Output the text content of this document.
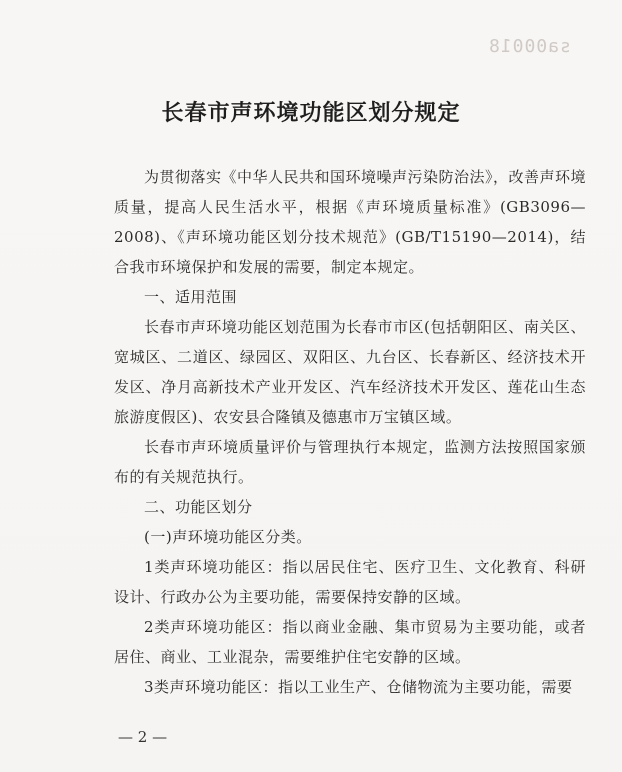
sa00018
长春市声环境功能区划分规定

为贯彻落实《中华人民共和国环境噪声污染防治法》，改善声环境质量，提高人民生活水平，根据《声环境质量标准》(GB3096—2008)、《声环境功能区划分技术规范》(GB/T15190—2014)，结合我市环境保护和发展的需要，制定本规定。

一、适用范围

长春市声环境功能区划范围为长春市市区(包括朝阳区、南关区、宽城区、二道区、绿园区、双阳区、九台区、长春新区、经济技术开发区、净月高新技术产业开发区、汽车经济技术开发区、莲花山生态旅游度假区)、农安县合隆镇及德惠市万宝镇区域。

长春市声环境质量评价与管理执行本规定，监测方法按照国家颁布的有关规范执行。

二、功能区划分

(一)声环境功能区分类。

1类声环境功能区：指以居民住宅、医疗卫生、文化教育、科研设计、行政办公为主要功能，需要保持安静的区域。

2类声环境功能区：指以商业金融、集市贸易为主要功能，或者居住、商业、工业混杂，需要维护住宅安静的区域。

3类声环境功能区：指以工业生产、仓储物流为主要功能，需要

— 2 —
